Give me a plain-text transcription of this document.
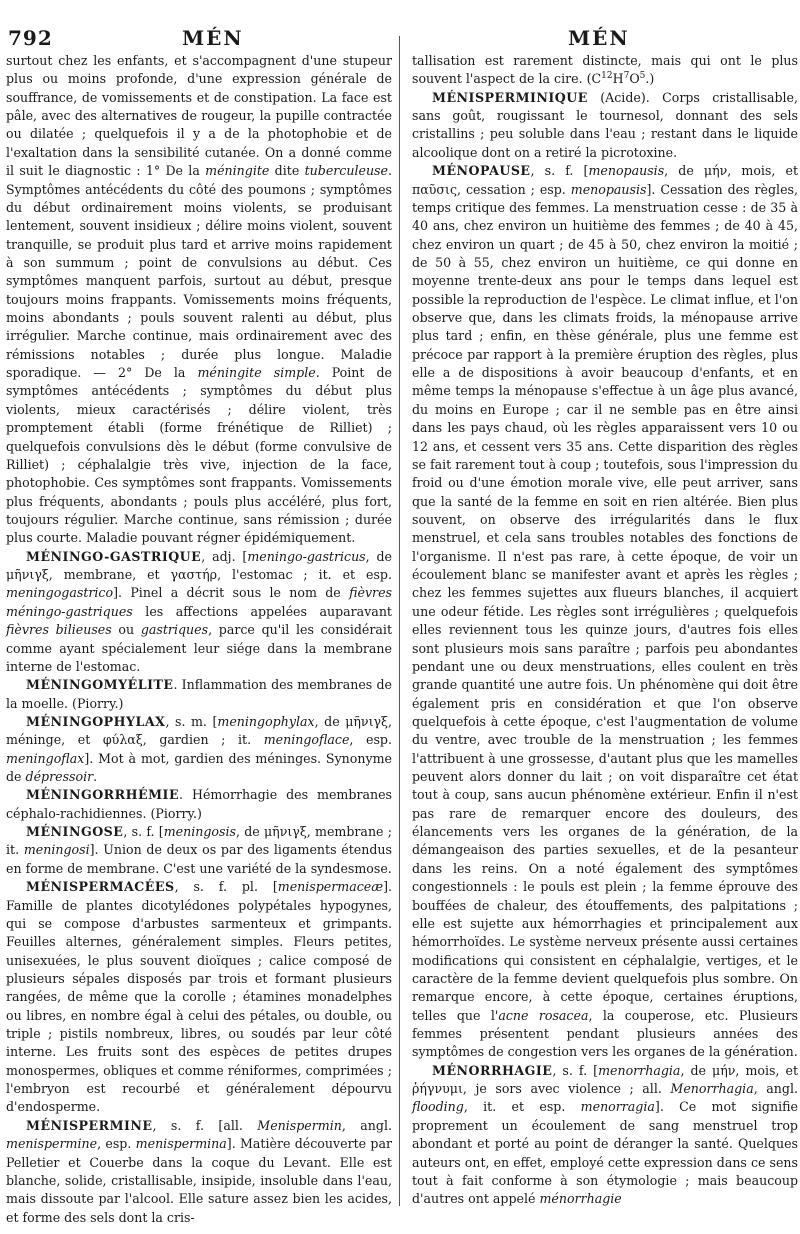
792	MÉN	MÉN

surtout chez les enfants, et s'accompagnent d'une stupeur plus ou moins profonde, d'une expression générale de souffrance, de vomissements et de constipation. La face est pâle, avec des alternatives de rougeur, la pupille contractée ou dilatée ; quelquefois il y a de la photophobie et de l'exaltation dans la sensibilité cutanée. On a donné comme il suit le diagnostic : 1° De la méningite dite tuberculeuse. Symptômes antécédents du côté des poumons ; symptômes du début ordinairement moins violents, se produisant lentement, souvent insidieux ; délire moins violent, souvent tranquille, se produit plus tard et arrive moins rapidement à son summum ; point de convulsions au début. Ces symptômes manquent parfois, surtout au début, presque toujours moins frappants. Vomissements moins fréquents, moins abondants ; pouls souvent ralenti au début, plus irrégulier. Marche continue, mais ordinairement avec des rémissions notables ; durée plus longue. Maladie sporadique. — 2° De la méningite simple. Point de symptômes antécédents ; symptômes du début plus violents, mieux caractérisés ; délire violent, très promptement établi (forme frénétique de Rilliet) ; quelquefois convulsions dès le début (forme convulsive de Rilliet) ; céphalalgie très vive, injection de la face, photophobie. Ces symptômes sont frappants. Vomissements plus fréquents, abondants ; pouls plus accéléré, plus fort, toujours régulier. Marche continue, sans rémission ; durée plus courte. Maladie pouvant régner épidémiquement.

MÉNINGO-GASTRIQUE, adj. [meningo-gastricus, de μῆνιγξ, membrane, et γαστήρ, l'estomac ; it. et esp. meningogastrico]. Pinel a décrit sous le nom de fièvres méningo-gastriques les affections appelées auparavant fièvres bilieuses ou gastriques, parce qu'il les considérait comme ayant spécialement leur siége dans la membrane interne de l'estomac.

MÉNINGOMYÉLITE. Inflammation des membranes de la moelle. (Piorry.)

MÉNINGOPHYLAX, s. m. [meningophylax, de μῆνιγξ, méninge, et φύλαξ, gardien ; it. meningoflace, esp. meningoflax]. Mot à mot, gardien des méninges. Synonyme de dépressoir.

MÉNINGORRHÉMIE. Hémorrhagie des membranes céphalo-rachidiennes. (Piorry.)

MÉNINGOSE, s. f. [meningosis, de μῆνιγξ, membrane ; it. meningosi]. Union de deux os par des ligaments étendus en forme de membrane. C'est une variété de la syndesmose.

MÉNISPERMACÉES, s. f. pl. [menispermaceæ]. Famille de plantes dicotylédones polypétales hypogynes, qui se compose d'arbustes sarmenteux et grimpants. Feuilles alternes, généralement simples. Fleurs petites, unisexuées, le plus souvent dioïques ; calice composé de plusieurs sépales disposés par trois et formant plusieurs rangées, de même que la corolle ; étamines monadelphes ou libres, en nombre égal à celui des pétales, ou double, ou triple ; pistils nombreux, libres, ou soudés par leur côté interne. Les fruits sont des espèces de petites drupes monospermes, obliques et comme réniformes, comprimées ; l'embryon est recourbé et généralement dépourvu d'endosperme.

MÉNISPERMINE, s. f. [all. Menispermin, angl. menispermine, esp. menispermina]. Matière découverte par Pelletier et Couerbe dans la coque du Levant. Elle est blanche, solide, cristallisable, insipide, insoluble dans l'eau, mais dissoute par l'alcool. Elle sature assez bien les acides, et forme des sels dont la cris-

tallisation est rarement distincte, mais qui ont le plus souvent l'aspect de la cire. $(C^{12}H^7O^5.)$

MÉNISPERMINIQUE (Acide). Corps cristallisable, sans goût, rougissant le tournesol, donnant des sels cristallins ; peu soluble dans l'eau ; restant dans le liquide alcoolique dont on a retiré la picrotoxine.

MÉNOPAUSE, s. f. [menopausis, de μήν, mois, et παῦσις, cessation ; esp. menopausis]. Cessation des règles, temps critique des femmes. La menstruation cesse : de 35 à 40 ans, chez environ un huitième des femmes ; de 40 à 45, chez environ un quart ; de 45 à 50, chez environ la moitié ; de 50 à 55, chez environ un huitième, ce qui donne en moyenne trente-deux ans pour le temps dans lequel est possible la reproduction de l'espèce. Le climat influe, et l'on observe que, dans les climats froids, la ménopause arrive plus tard ; enfin, en thèse générale, plus une femme est précoce par rapport à la première éruption des règles, plus elle a de dispositions à avoir beaucoup d'enfants, et en même temps la ménopause s'effectue à un âge plus avancé, du moins en Europe ; car il ne semble pas en être ainsi dans les pays chaud, où les règles apparaissent vers 10 ou 12 ans, et cessent vers 35 ans. Cette disparition des règles se fait rarement tout à coup ; toutefois, sous l'impression du froid ou d'une émotion morale vive, elle peut arriver, sans que la santé de la femme en soit en rien altérée. Bien plus souvent, on observe des irrégularités dans le flux menstruel, et cela sans troubles notables des fonctions de l'organisme. Il n'est pas rare, à cette époque, de voir un écoulement blanc se manifester avant et après les règles ; chez les femmes sujettes aux flueurs blanches, il acquiert une odeur fétide. Les règles sont irrégulières ; quelquefois elles reviennent tous les quinze jours, d'autres fois elles sont plusieurs mois sans paraître ; parfois peu abondantes pendant une ou deux menstruations, elles coulent en très grande quantité une autre fois. Un phénomène qui doit être également pris en considération et que l'on observe quelquefois à cette époque, c'est l'augmentation de volume du ventre, avec trouble de la menstruation ; les femmes l'attribuent à une grossesse, d'autant plus que les mamelles peuvent alors donner du lait ; on voit disparaître cet état tout à coup, sans aucun phénomène extérieur. Enfin il n'est pas rare de remarquer encore des douleurs, des élancements vers les organes de la génération, de la démangeaison des parties sexuelles, et de la pesanteur dans les reins. On a noté également des symptômes congestionnels : le pouls est plein ; la femme éprouve des bouffées de chaleur, des étouffements, des palpitations ; elle est sujette aux hémorrhagies et principalement aux hémorrhoïdes. Le système nerveux présente aussi certaines modifications qui consistent en céphalalgie, vertiges, et le caractère de la femme devient quelquefois plus sombre. On remarque encore, à cette époque, certaines éruptions, telles que l'acne rosacea, la couperose, etc. Plusieurs femmes présentent pendant plusieurs années des symptômes de congestion vers les organes de la génération.

MÉNORRHAGIE, s. f. [menorrhagia, de μήν, mois, et ῥήγνυμι, je sors avec violence ; all. Menorrhagia, angl. flooding, it. et esp. menorragia]. Ce mot signifie proprement un écoulement de sang menstruel trop abondant et porté au point de déranger la santé. Quelques auteurs ont, en effet, employé cette expression dans ce sens tout à fait conforme à son étymologie ; mais beaucoup d'autres ont appelé ménorrhagie
